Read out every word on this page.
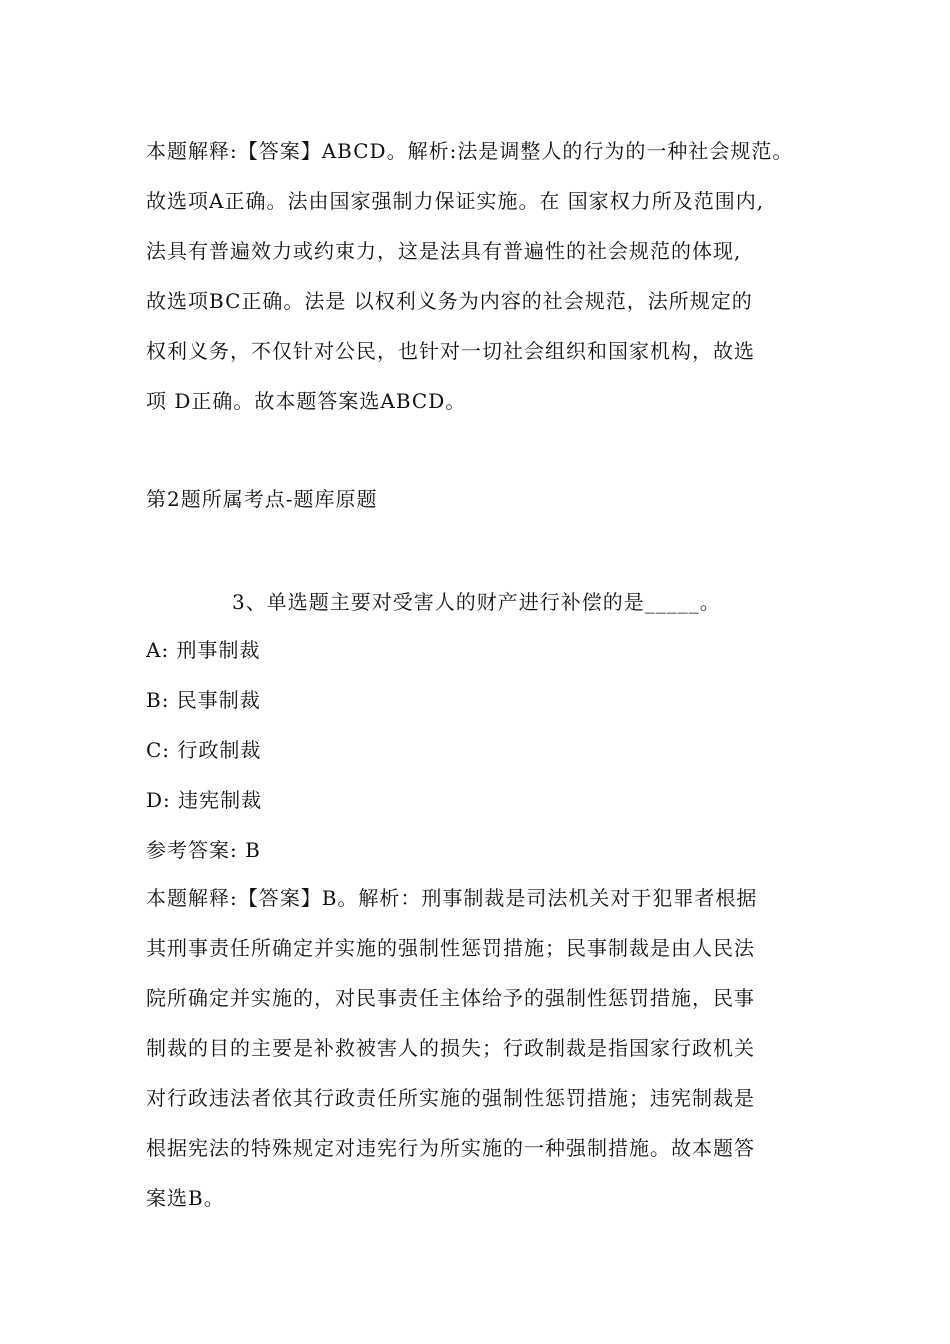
本题解释:【答案】ABCD。解析:法是调整人的行为的一种社会规范。
故选项A正确。法由国家强制力保证实施。在 国家权力所及范围内,
法具有普遍效力或约束力，这是法具有普遍性的社会规范的体现,
故选项BC正确。法是 以权利义务为内容的社会规范，法所规定的
权利义务，不仅针对公民，也针对一切社会组织和国家机构，故选
项 D正确。故本题答案选ABCD。
第2题所属考点-题库原题
3、单选题主要对受害人的财产进行补偿的是_____。
A: 刑事制裁
B: 民事制裁
C: 行政制裁
D: 违宪制裁
参考答案: B
本题解释:【答案】B。解析：刑事制裁是司法机关对于犯罪者根据
其刑事责任所确定并实施的强制性惩罚措施；民事制裁是由人民法
院所确定并实施的，对民事责任主体给予的强制性惩罚措施，民事
制裁的目的主要是补救被害人的损失；行政制裁是指国家行政机关
对行政违法者依其行政责任所实施的强制性惩罚措施；违宪制裁是
根据宪法的特殊规定对违宪行为所实施的一种强制措施。故本题答
案选B。
